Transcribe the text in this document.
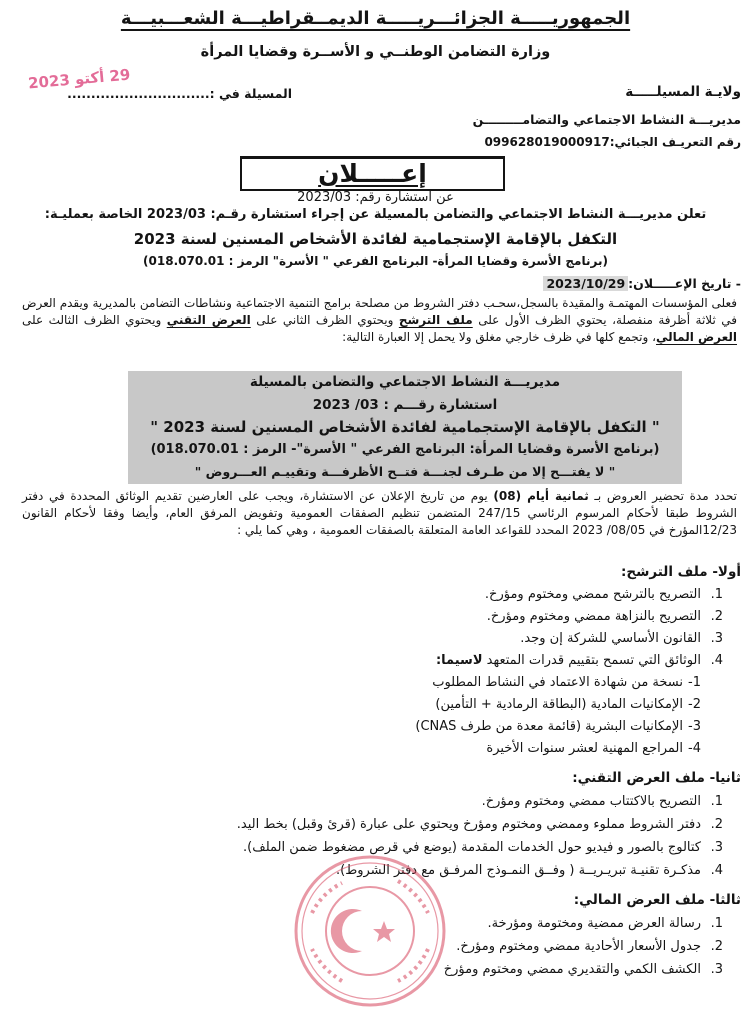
الجمهوريـــــة الجزائـــريـــــة الديمــقراطيـــة الشعـــبيـــة
وزارة التضامن الوطنــي و الأســرة وقضايا المرأة
29 أكتو 2023
المسيلة في :..............................	ولايـة المسيلـــــة
مديريـــة النشاط الاجتماعي والتضامـــــــــن
رقم التعريـف الجبائي:099628019000917
إعـــــلان
عن استشارة رقم: 2023/03
تعلن مديريـــة النشاط الاجتماعي والتضامن بالمسيلة عن إجراء استشارة رقـم: 2023/03 الخاصة بعمليـة:
التكفل بالإقامة الإستجمامية لفائدة الأشخاص المسنين لسنة 2023
(برنامج الأسرة وقضايا المرأة- البرنامج الفرعي " الأسرة" الرمز : 018.070.01)
- تاريخ الإعـــــلان:2023/10/29
فعلى المؤسسات المهتمـة والمقيدة بالسجل،سحـب دفتر الشروط من مصلحة برامج التنمية الاجتماعية ونشاطات التضامن بالمديرية ويقدم العرض في ثلاثة أظرفة منفصلة، يحتوي الظرف الأول على ملف الترشح ويحتوي الظرف الثاني على العرض التقني ويحتوي الظرف الثالث على العرض المالي، وتجمع كلها في ظرف خارجي مغلق ولا يحمل إلا العبارة التالية:
مديريـــة النشاط الاجتماعي والتضامن بالمسيلة
استشارة رقـــم : 03/ 2023
" التكفل بالإقامة الإستجمامية لفائدة الأشخاص المسنين لسنة 2023 "
(برنامج الأسرة وقضايا المرأة: البرنامج الفرعي " الأسرة"- الرمز : 018.070.01)
" لا يفتـــح إلا من طـرف لجنـــة فتــح الأظرفـــة وتقييـم العـــروض "
تحدد مدة تحضير العروض بـ ثمانية أيام (08) يوم من تاريخ الإعلان عن الاستشارة، ويجب على العارضين تقديم الوثائق المحددة في دفتر الشروط طبقا لأحكام المرسوم الرئاسي 247/15 المتضمن تنظيم الصفقات العمومية وتفويض المرفق العام، وأيضا وفقا لأحكام القانون 12/23المؤرخ في 08/05/ 2023 المحدد للقواعد العامة المتعلقة بالصفقات العمومية ، وهي كما يلي :
أولا- ملف الترشح:
1.
التصريح بالترشح ممضي ومختوم ومؤرخ.
2.
التصريح بالنزاهة ممضي ومختوم ومؤرخ.
3.
القانون الأساسي للشركة إن وجد.
4.
الوثائق التي تسمح بتقييم قدرات المتعهد لاسيما:
1-
نسخة من شهادة الاعتماد في النشاط المطلوب
2-
الإمكانيات المادية (البطاقة الرمادية + التأمين)
3-
الإمكانيات البشرية (قائمة معدة من طرف CNAS)
4-
المراجع المهنية لعشر سنوات الأخيرة
ثانيا- ملف العرض التقني:
1.
التصريح بالاكتتاب ممضي ومختوم ومؤرخ.
2.
دفتر الشروط مملوء وممضي ومختوم ومؤرخ ويحتوي على عبارة (قرئ وقبل) بخط اليد.
3.
كتالوج بالصور و فيديو حول الخدمات المقدمة (يوضع في قرص مضغوط ضمن الملف).
4.
مذكـرة تقنيـة تبريـريــة ( وفــق النمـوذج المرفـق مع دفتر الشروط).
ثالثا- ملف العرض المالي:
1.
رسالة العرض ممضية ومختومة ومؤرخة.
2.
جدول الأسعار الأحادية ممضي ومختوم ومؤرخ.
3.
الكشف الكمي والتقديري ممضي ومختوم ومؤرخ
